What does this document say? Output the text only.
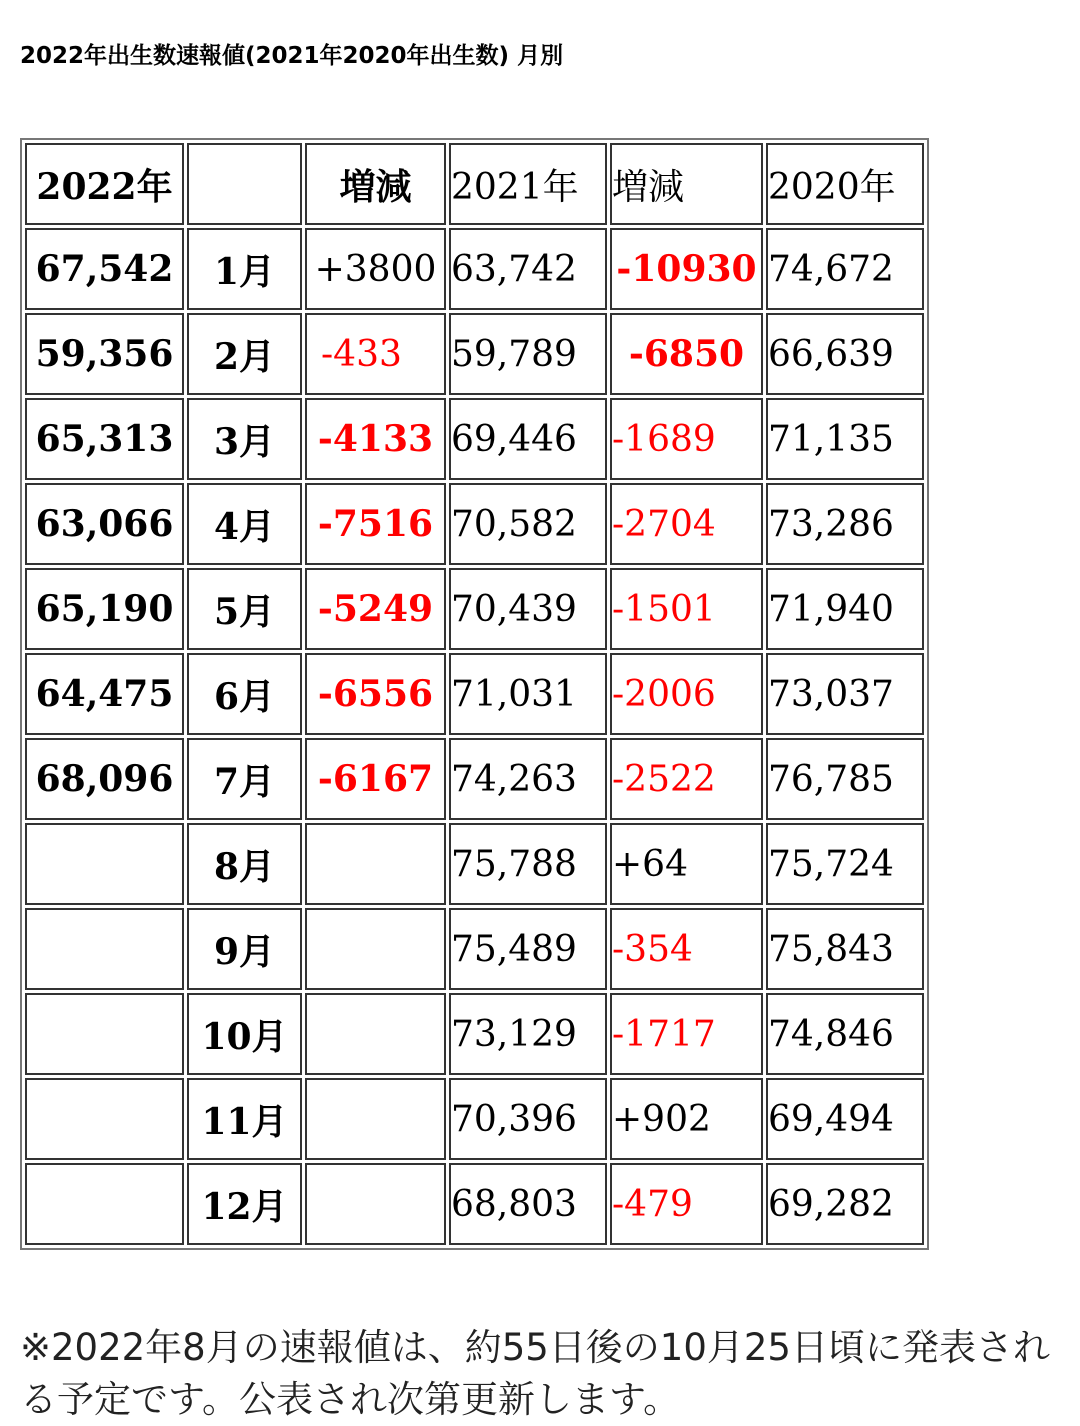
2022年出生数速報値(2021年2020年出生数) 月別
2022年		増減	2021年	増減	2020年
67,542	1月	+3800	63,742	-10930	74,672
59,356	2月	-433	59,789	-6850	66,639
65,313	3月	-4133	69,446	-1689	71,135
63,066	4月	-7516	70,582	-2704	73,286
65,190	5月	-5249	70,439	-1501	71,940
64,475	6月	-6556	71,031	-2006	73,037
68,096	7月	-6167	74,263	-2522	76,785
	8月		75,788	+64	75,724
	9月		75,489	-354	75,843
	10月		73,129	-1717	74,846
	11月		70,396	+902	69,494
	12月		68,803	-479	69,282
※2022年8月の速報値は、約55日後の10月25日頃に発表される予定です。公表され次第更新します。
